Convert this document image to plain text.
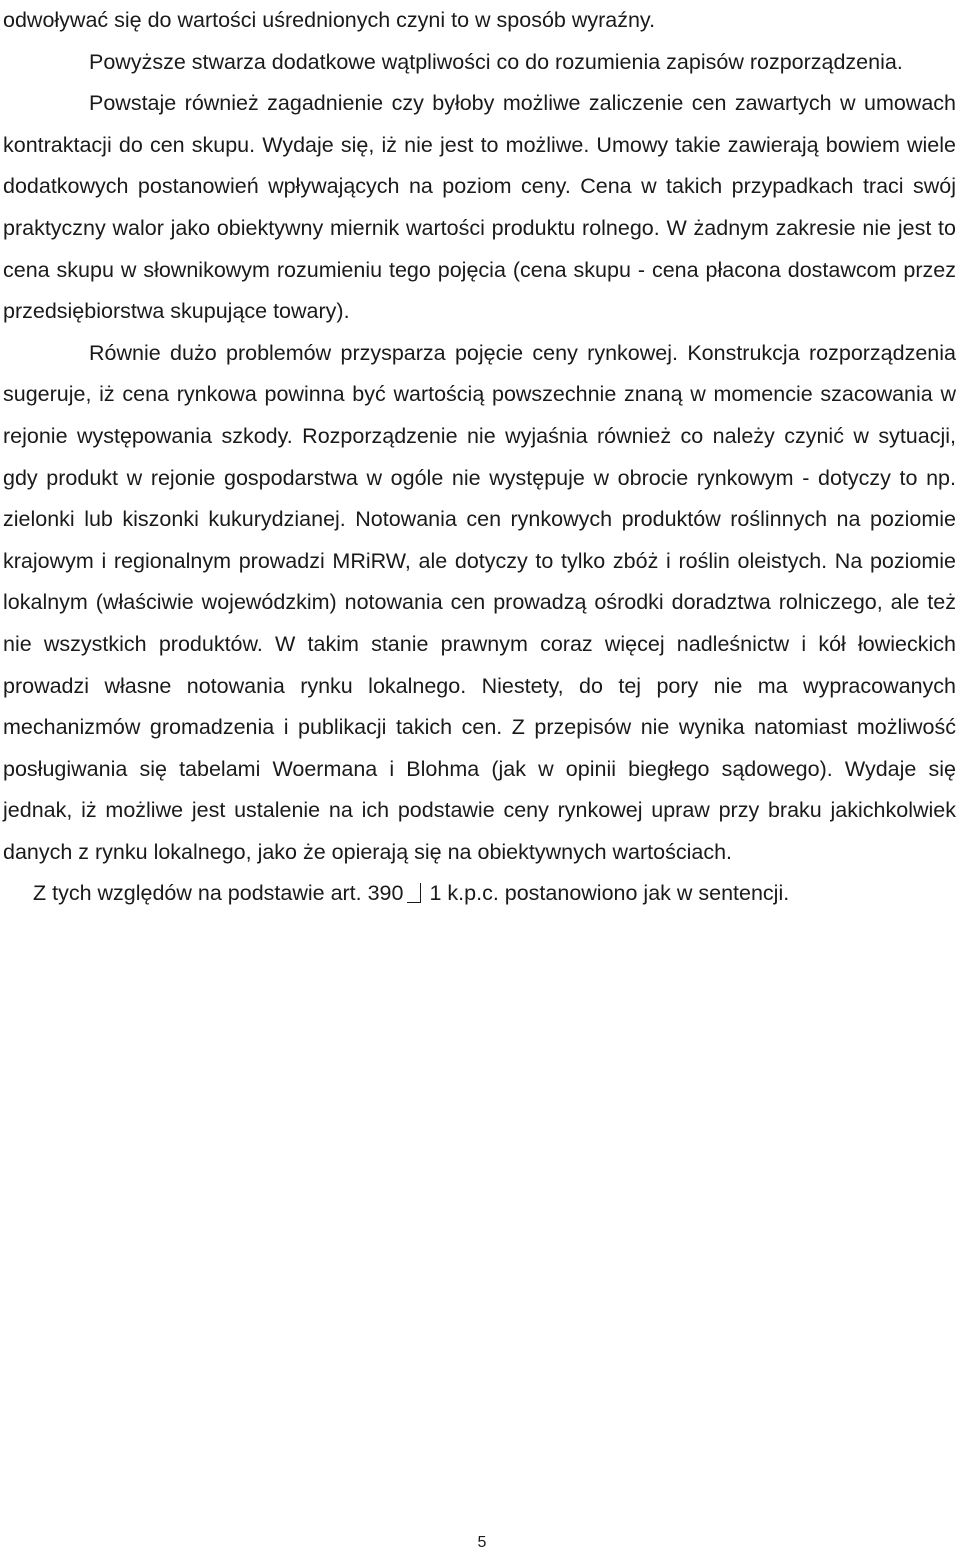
odwoływać się do wartości uśrednionych czyni to w sposób wyraźny.

Powyższe stwarza dodatkowe wątpliwości co do rozumienia zapisów rozporządzenia.

Powstaje również zagadnienie czy byłoby możliwe zaliczenie cen zawartych w umowach kontraktacji do cen skupu. Wydaje się, iż nie jest to możliwe. Umowy takie zawierają bowiem wiele dodatkowych postanowień wpływających na poziom ceny. Cena w takich przypadkach traci swój praktyczny walor jako obiektywny miernik wartości produktu rolnego. W żadnym zakresie nie jest to cena skupu w słownikowym rozumieniu tego pojęcia (cena skupu - cena płacona dostawcom przez przedsiębiorstwa skupujące towary).

Równie dużo problemów przysparza pojęcie ceny rynkowej. Konstrukcja rozporządzenia sugeruje, iż cena rynkowa powinna być wartością powszechnie znaną w momencie szacowania w rejonie występowania szkody. Rozporządzenie nie wyjaśnia również co należy czynić w sytuacji, gdy produkt w rejonie gospodarstwa w ogóle nie występuje w obrocie rynkowym - dotyczy to np. zielonki lub kiszonki kukurydzianej. Notowania cen rynkowych produktów roślinnych na poziomie krajowym i regionalnym prowadzi MRiRW, ale dotyczy to tylko zbóż i roślin oleistych. Na poziomie lokalnym (właściwie wojewódzkim) notowania cen prowadzą ośrodki doradztwa rolniczego, ale też nie wszystkich produktów. W takim stanie prawnym coraz więcej nadleśnictw i kół łowieckich prowadzi własne notowania rynku lokalnego. Niestety, do tej pory nie ma wypracowanych mechanizmów gromadzenia i publikacji takich cen. Z przepisów nie wynika natomiast możliwość posługiwania się tabelami Woermana i Blohma (jak w opinii biegłego sądowego). Wydaje się jednak, iż możliwe jest ustalenie na ich podstawie ceny rynkowej upraw przy braku jakichkolwiek danych z rynku lokalnego, jako że opierają się na obiektywnych wartościach.

Z tych względów na podstawie art. 390 1 k.p.c. postanowiono jak w sentencji.

5
